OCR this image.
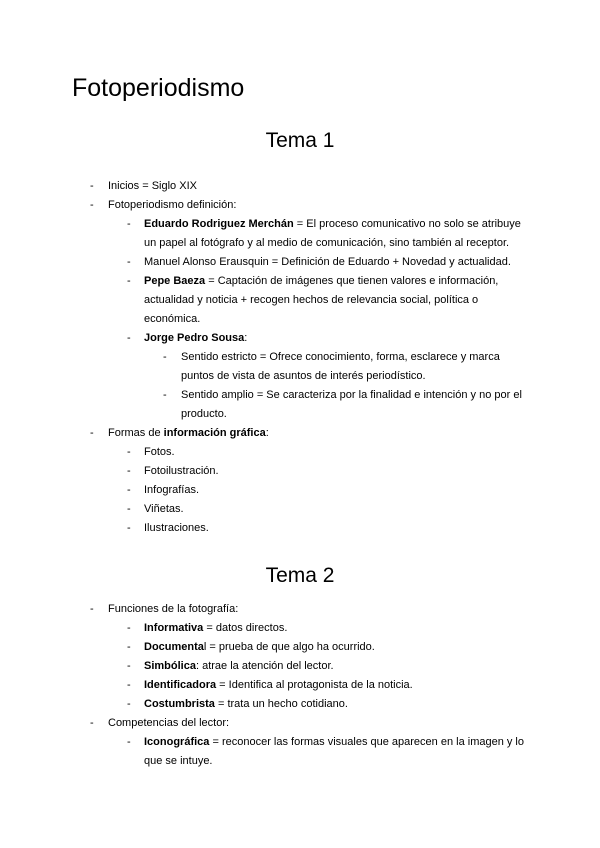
Fotoperiodismo
Tema 1
- Inicios = Siglo XIX
- Fotoperiodismo definición:
- Eduardo Rodriguez Merchán = El proceso comunicativo no solo se atribuye un papel al fotógrafo y al medio de comunicación, sino también al receptor.
- Manuel Alonso Erausquin = Definición de Eduardo + Novedad y actualidad.
- Pepe Baeza = Captación de imágenes que tienen valores e información, actualidad y noticia + recogen hechos de relevancia social, política o económica.
- Jorge Pedro Sousa:
- Sentido estricto = Ofrece conocimiento, forma, esclarece y marca puntos de vista de asuntos de interés periodístico.
- Sentido amplio = Se caracteriza por la finalidad e intención y no por el producto.
- Formas de información gráfica:
- Fotos.
- Fotoilustración.
- Infografías.
- Viñetas.
- Ilustraciones.
Tema 2
- Funciones de la fotografía:
- Informativa = datos directos.
- Documental = prueba de que algo ha ocurrido.
- Simbólica: atrae la atención del lector.
- Identificadora = Identifica al protagonista de la noticia.
- Costumbrista = trata un hecho cotidiano.
- Competencias del lector:
- Iconográfica = reconocer las formas visuales que aparecen en la imagen y lo que se intuye.
